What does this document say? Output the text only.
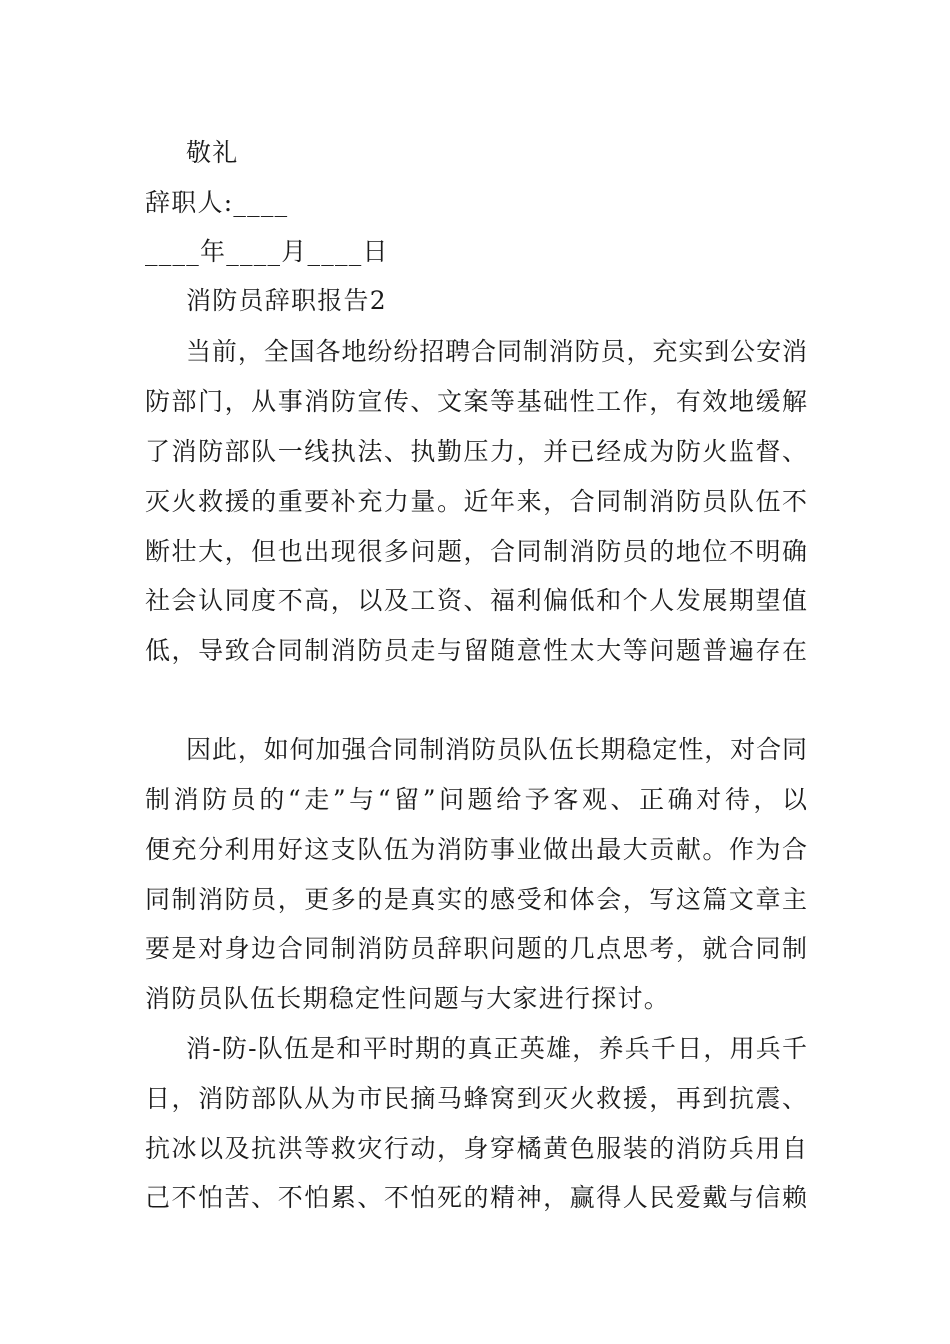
敬礼
辞职人:____
____年____月____日
消防员辞职报告2
当前，全国各地纷纷招聘合同制消防员，充实到公安消
防部门，从事消防宣传、文案等基础性工作，有效地缓解
了消防部队一线执法、执勤压力，并已经成为防火监督、
灭火救援的重要补充力量。近年来，合同制消防员队伍不
断壮大，但也出现很多问题，合同制消防员的地位不明确
社会认同度不高，以及工资、福利偏低和个人发展期望值
低，导致合同制消防员走与留随意性太大等问题普遍存在
因此，如何加强合同制消防员队伍长期稳定性，对合同
制消防员的“走”与“留”问题给予客观、正确对待，以
便充分利用好这支队伍为消防事业做出最大贡献。作为合
同制消防员，更多的是真实的感受和体会，写这篇文章主
要是对身边合同制消防员辞职问题的几点思考，就合同制
消防员队伍长期稳定性问题与大家进行探讨。
消-防-队伍是和平时期的真正英雄，养兵千日，用兵千
日，消防部队从为市民摘马蜂窝到灭火救援，再到抗震、
抗冰以及抗洪等救灾行动，身穿橘黄色服装的消防兵用自
己不怕苦、不怕累、不怕死的精神，赢得人民爱戴与信赖
